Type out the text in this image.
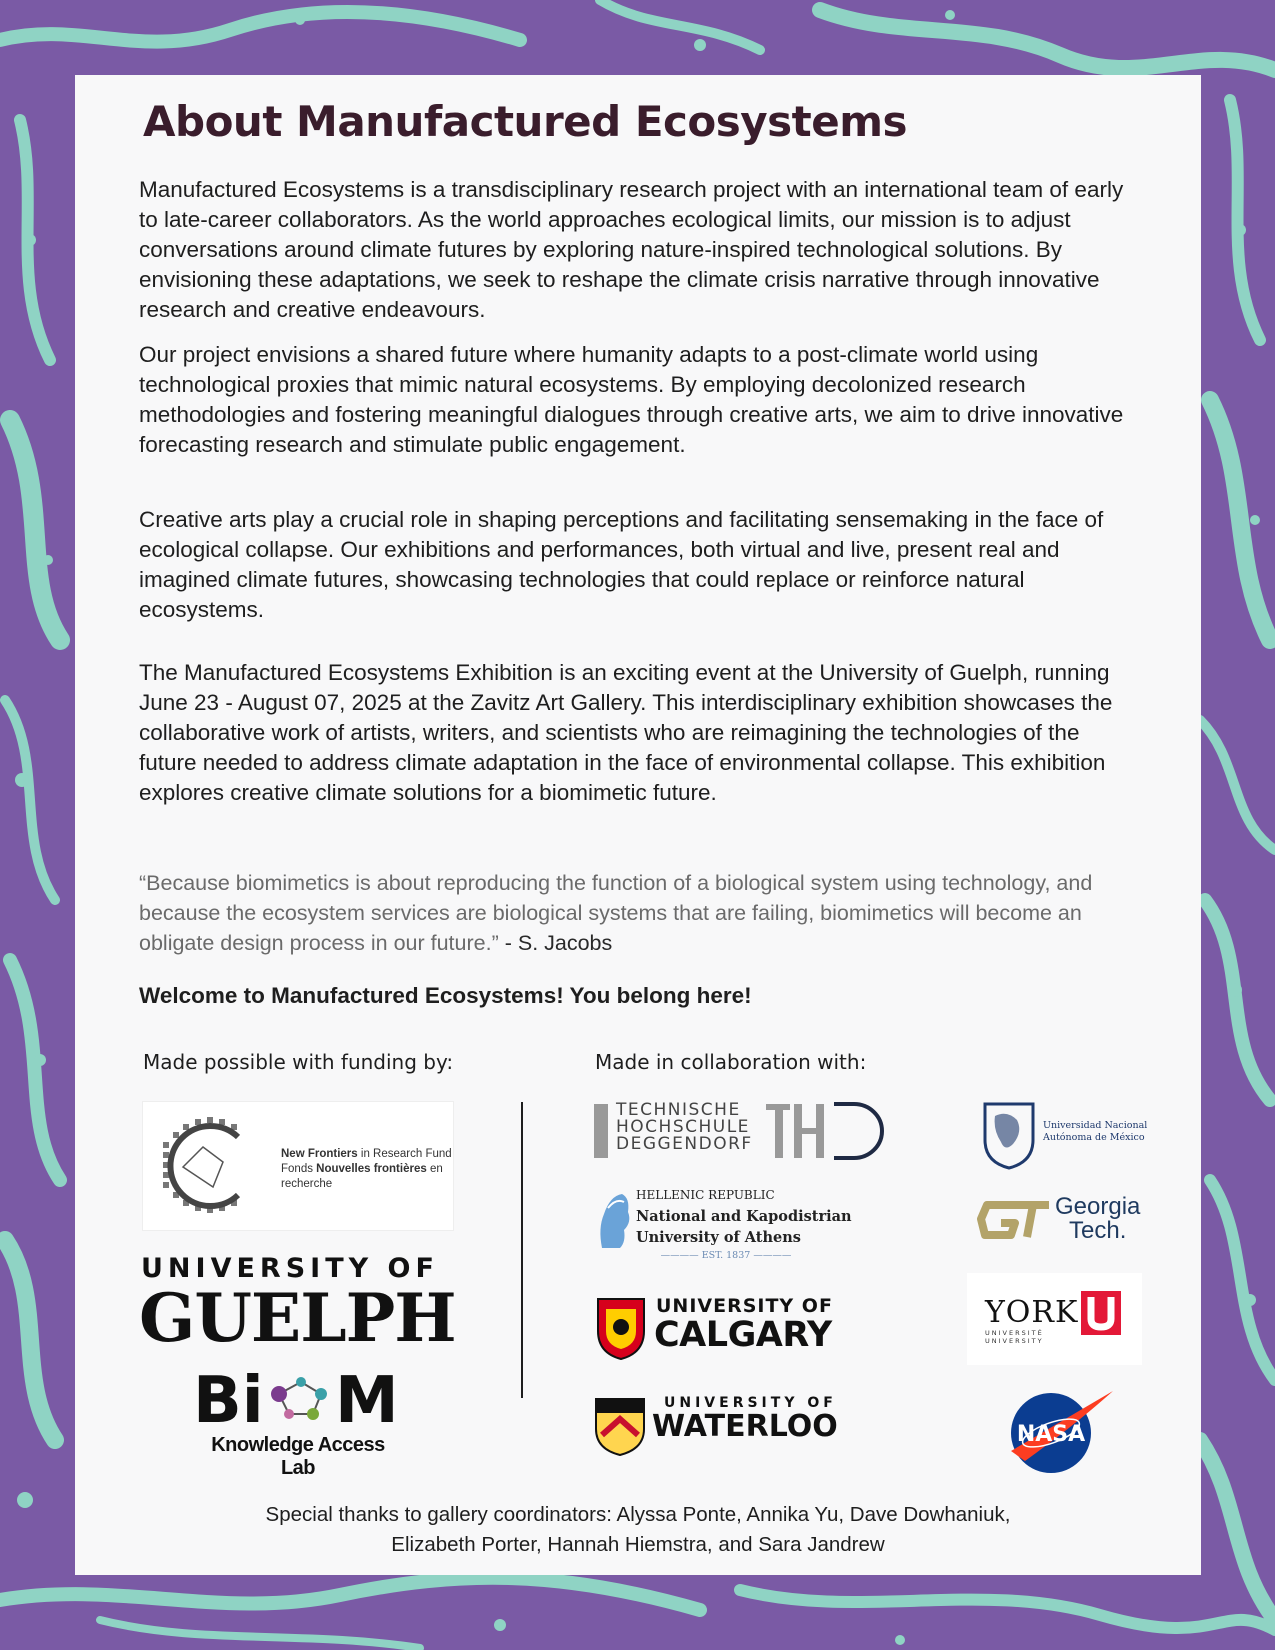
About Manufactured Ecosystems

Manufactured Ecosystems is a transdisciplinary research project with an international team of early to late-career collaborators. As the world approaches ecological limits, our mission is to adjust conversations around climate futures by exploring nature-inspired technological solutions. By envisioning these adaptations, we seek to reshape the climate crisis narrative through innovative research and creative endeavours.

Our project envisions a shared future where humanity adapts to a post-climate world using technological proxies that mimic natural ecosystems. By employing decolonized research methodologies and fostering meaningful dialogues through creative arts, we aim to drive innovative forecasting research and stimulate public engagement.

Creative arts play a crucial role in shaping perceptions and facilitating sensemaking in the face of ecological collapse. Our exhibitions and performances, both virtual and live, present real and imagined climate futures, showcasing technologies that could replace or reinforce natural ecosystems.

The Manufactured Ecosystems Exhibition is an exciting event at the University of Guelph, running June 23 - August 07, 2025 at the Zavitz Art Gallery. This interdisciplinary exhibition showcases the collaborative work of artists, writers, and scientists who are reimagining the technologies of the future needed to address climate adaptation in the face of environmental collapse. This exhibition explores creative climate solutions for a biomimetic future.

“Because biomimetics is about reproducing the function of a biological system using technology, and because the ecosystem services are biological systems that are failing, biomimetics will become an obligate design process in our future.” - S. Jacobs

Welcome to Manufactured Ecosystems! You belong here!

Made possible with funding by:	Made in collaboration with:

New Frontiers in Research Fund
Fonds Nouvelles frontières en recherche
UNIVERSITY OF
GUELPH
Bi M
Knowledge Access Lab
TECHNISCHE
HOCHSCHULE
DEGGENDORF
Universidad Nacional
Autónoma de México
HELLENIC REPUBLIC
National and Kapodistrian
University of Athens
———— EST. 1837 ————
Georgia
Tech.
YORK
UNIVERSITÉ
UNIVERSITY
UNIVERSITY OF
CALGARY
UNIVERSITY OF
WATERLOO	NASA

Special thanks to gallery coordinators: Alyssa Ponte, Annika Yu, Dave Dowhaniuk,
Elizabeth Porter, Hannah Hiemstra, and Sara Jandrew
